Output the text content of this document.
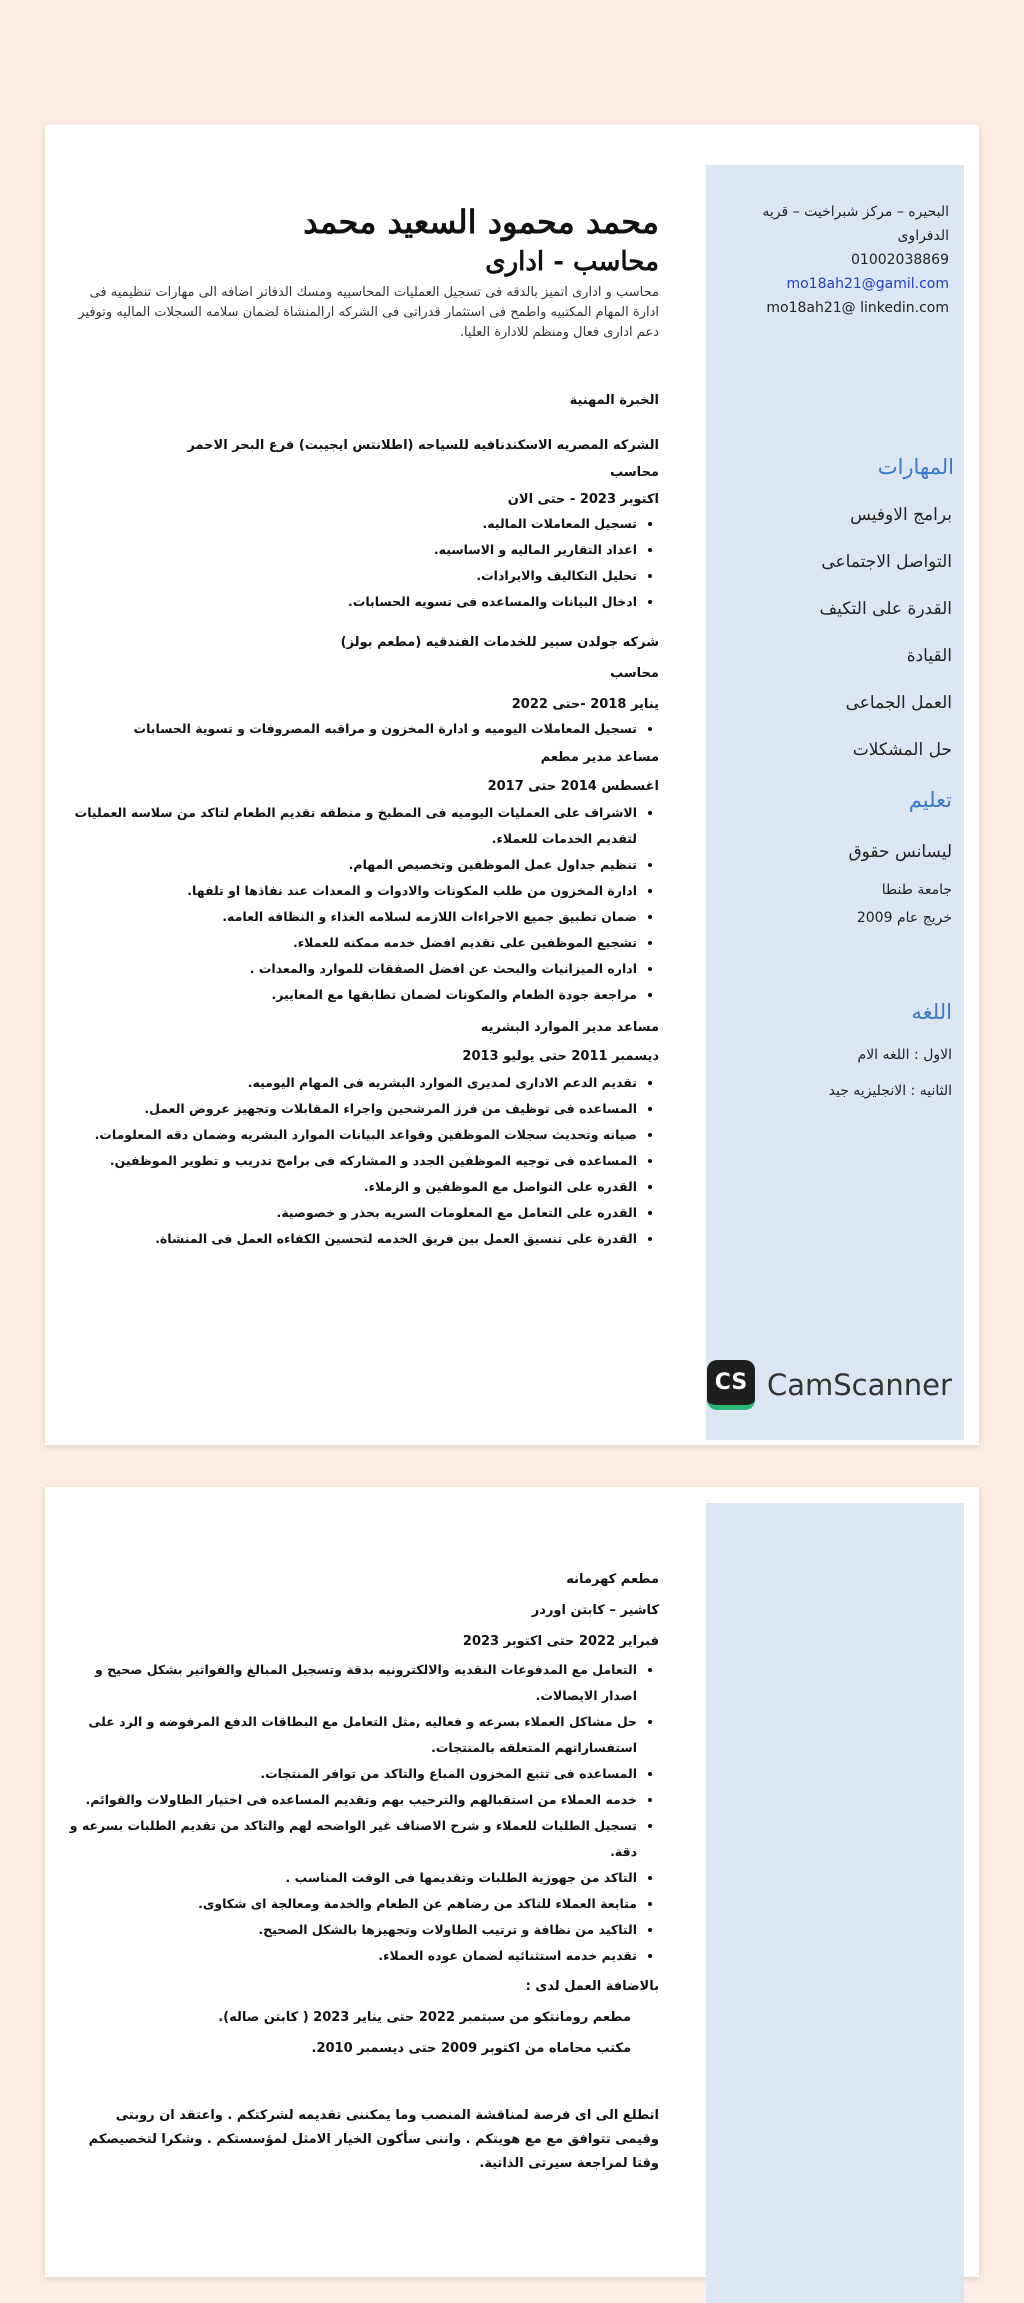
البحيره – مركز شبراخيت – قريه الدفراوى
01002038869
mo18ah21@gamil.com
mo18ah21@ linkedin.com
المهارات
برامج الاوفيس
التواصل الاجتماعى
القدرة على التكيف
القيادة
العمل الجماعى
حل المشكلات
تعليم
ليسانس حقوق
جامعة طنطا
خريج عام 2009
اللغه
الاول : اللغه الام
الثانيه : الانجليزيه جيد
محمد محمود السعيد محمد
محاسب - ادارى
محاسب و ادارى اتميز بالدقه فى تسجيل العمليات المحاسبيه ومسك الدفاتر اضافه الى مهارات تنظيميه فى ادارة المهام المكتبيه واطمح فى استثمار قدراتى فى الشركه ارالمنشاة لضمان سلامه السجلات الماليه وتوفير دعم ادارى فعال ومنظم للادارة العليا.
الخبرة المهنية
الشركه المصريه الاسكندنافيه للسياحه (اطلانتس ايجيبت) فرع البحر الاحمر
محاسب
اكتوبر 2023 - حتى الان
• تسجيل المعاملات الماليه.
• اعداد التقارير الماليه و الاساسيه.
• تحليل التكاليف والايرادات.
• ادخال البيانات والمساعده فى تسويه الحسابات.
شركه جولدن سبير للخدمات الفندقيه (مطعم بولز)
محاسب
يناير 2018 -حتى 2022
• تسجيل المعاملات اليوميه و ادارة المخزون و مراقبه المصروفات و تسوية الحسابات
مساعد مدير مطعم
اغسطس 2014 حتى 2017
• الاشراف على العمليات اليوميه فى المطبخ و منطقه تقديم الطعام لتاكد من سلاسه العمليات لتقديم الخدمات للعملاء.
• تنظيم جداول عمل الموظفين وتخصيص المهام.
• ادارة المخزون من طلب المكونات والادوات و المعدات عند نفاذها او تلفها.
• ضمان تطبيق جميع الاجراءات اللازمه لسلامه الغذاء و النظافه العامه.
• تشجيع الموظفين على تقديم افضل خدمه ممكنه للعملاء.
• اداره الميزانيات والبحث عن افضل الصفقات للموارد والمعدات .
• مراجعة جودة الطعام والمكونات لضمان تطابقها مع المعايير.
مساعد مدير الموارد البشريه
ديسمبر 2011 حتى يوليو 2013
• تقديم الدعم الادارى لمديرى الموارد البشريه فى المهام اليوميه.
• المساعده فى توظيف من فرز المرشحين واجراء المقابلات وتجهيز عروض العمل.
• صيانه وتحديث سجلات الموظفين وقواعد البيانات الموارد البشريه وضمان دقه المعلومات.
• المساعده فى توجيه الموظفين الجدد و المشاركه فى برامج تدريب و تطوير الموظفين.
• القدره على التواصل مع الموظفين و الزملاء.
• القدره على التعامل مع المعلومات السريه بحذر و خصوصية.
• القدرة على تنسيق العمل بين فريق الخدمه لتحسين الكفاءه العمل فى المنشاة.
CS CamScanner
مطعم كهرمانه
كاشير – كابتن اوردر
فبراير 2022 حتى اكتوبر 2023
• التعامل مع المدفوعات النقديه والالكترونيه بدقة وتسجيل المبالغ والفواتير بشكل صحيح و اصدار الايصالات.
• حل مشاكل العملاء بسرعه و فعاليه ,مثل التعامل مع البطاقات الدفع المرفوضه و الرد على استفساراتهم المتعلقه بالمنتجات.
• المساعده فى تتبع المخزون المباع والتاكد من توافر المنتجات.
• خدمه العملاء من استقبالهم والترحيب بهم وتقديم المساعده فى اختيار الطاولات والقوائم.
• تسجيل الطلبات للعملاء و شرح الاصناف غير الواضحه لهم والتاكد من تقديم الطلبات بسرعه و دقة.
• التاكد من جهوزية الطلبات وتقديمها فى الوقت المناسب .
• متابعة العملاء للتاكد من رضاهم عن الطعام والخدمة ومعالجة اى شكاوى.
• التاكيد من نظافة و ترتيب الطاولات وتجهيزها بالشكل الصحيح.
• تقديم خدمه استثنائيه لضمان عوده العملاء.
بالاضافة العمل لدى :
مطعم رومانتكو من سبتمبر 2022 حتى يناير 2023 ( كابتن صاله).
مكتب محاماه من اكتوبر 2009 حتى ديسمبر 2010.
اتطلع الى اى فرصة لمناقشة المنصب وما يمكننى تقديمه لشركتكم . واعتقد ان روبتى وقيمى تتوافق مع مع هويتكم . واننى سأكون الخيار الامثل لمؤسستكم . وشكرا لتخصيصكم وقتا لمراجعة سيرتى الذاتية.
